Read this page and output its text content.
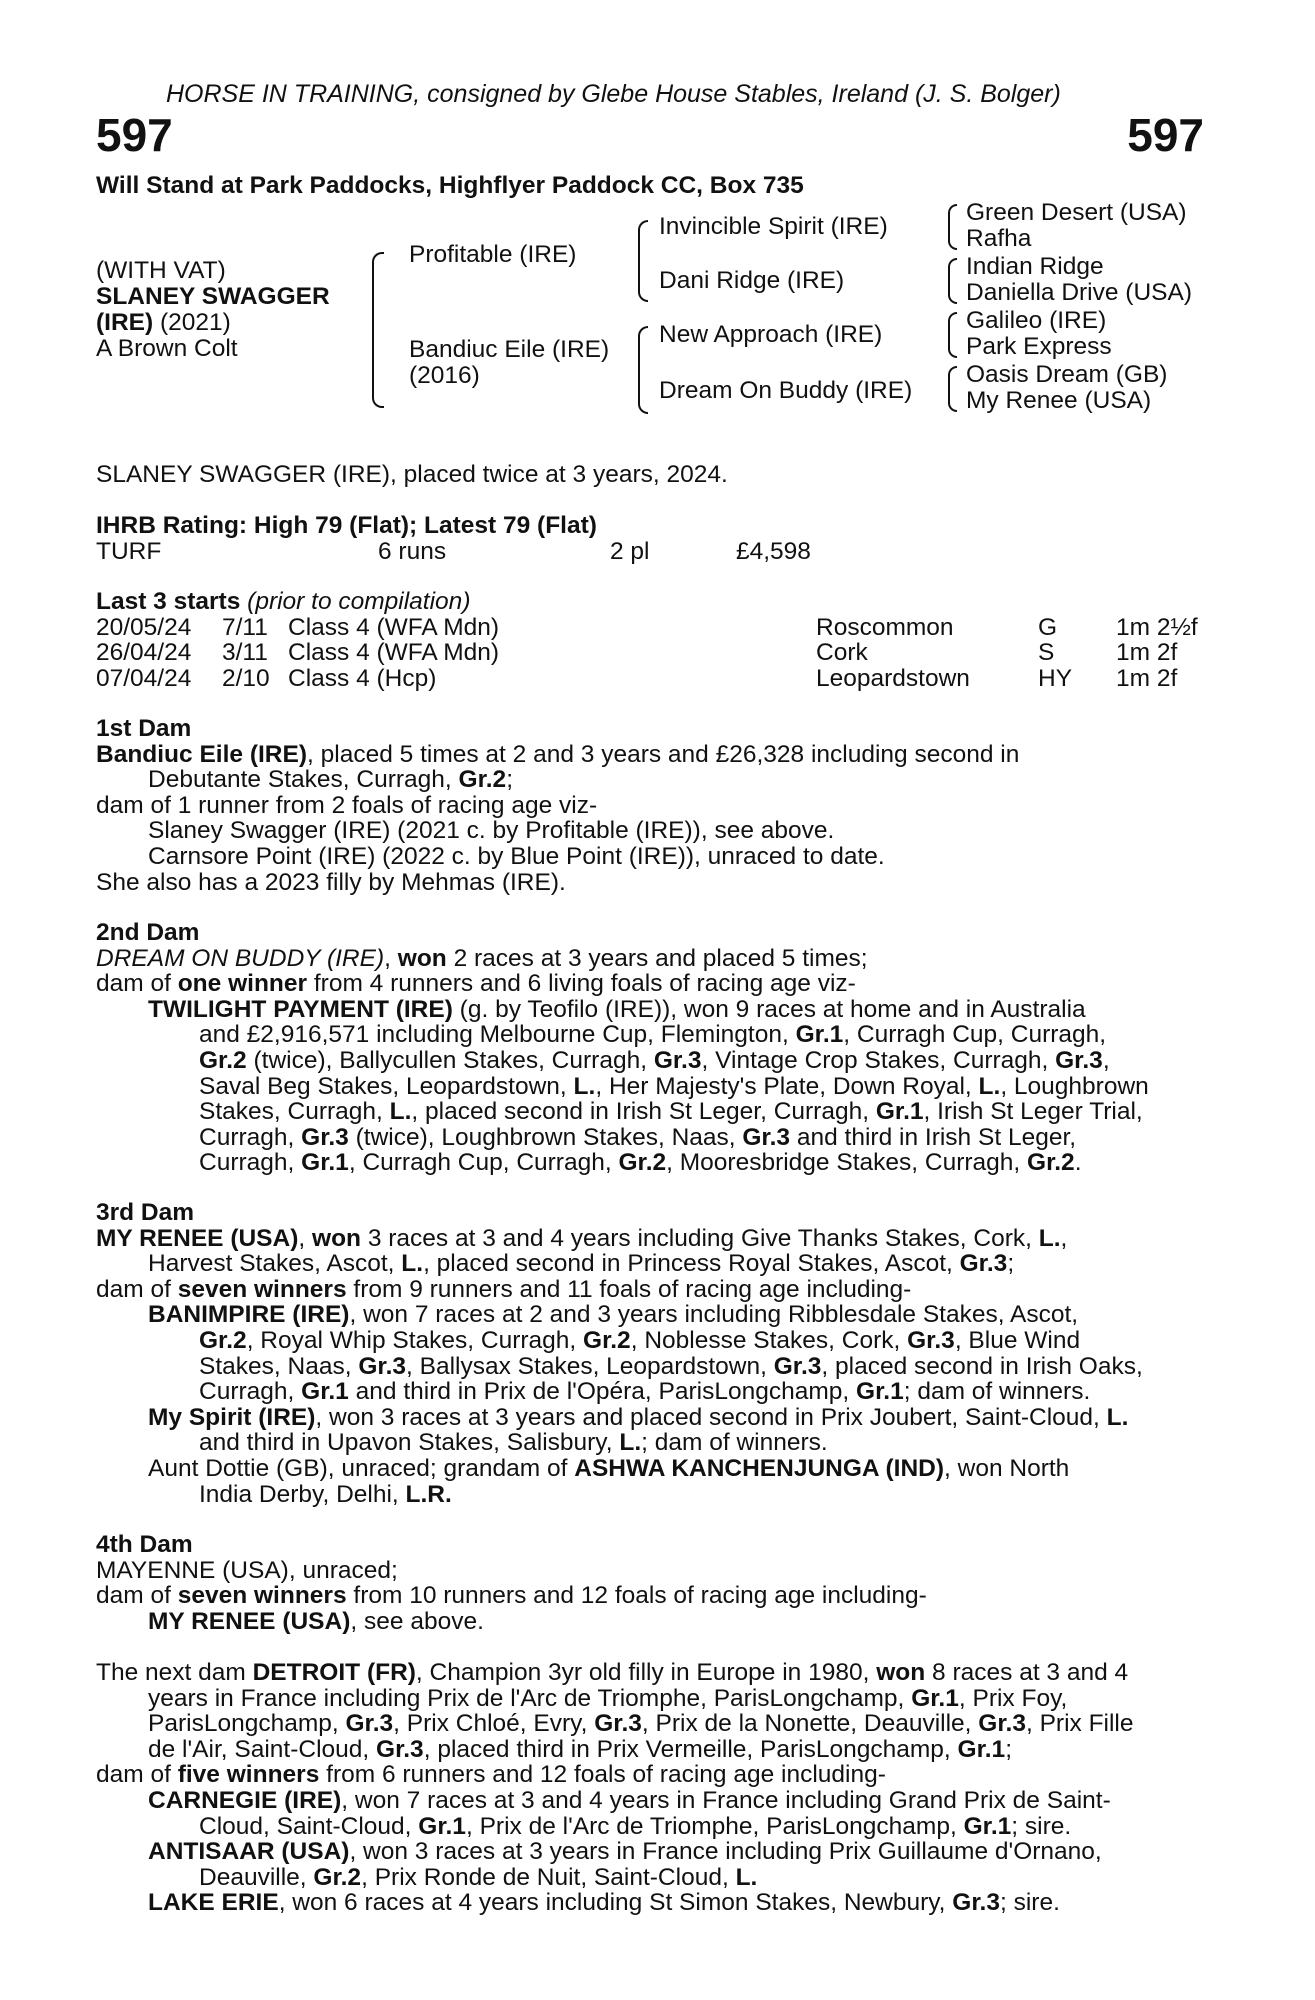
HORSE IN TRAINING, consigned by Glebe House Stables, Ireland (J. S. Bolger)
597	597
Will Stand at Park Paddocks, Highflyer Paddock CC, Box 735
(WITH VAT)
SLANEY SWAGGER
(IRE) (2021)
A Brown Colt
Profitable (IRE)
Bandiuc Eile (IRE)
(2016)
Invincible Spirit (IRE)
Dani Ridge (IRE)
New Approach (IRE)
Dream On Buddy (IRE)
Green Desert (USA)
Rafha
Indian Ridge
Daniella Drive (USA)
Galileo (IRE)
Park Express
Oasis Dream (GB)
My Renee (USA)
SLANEY SWAGGER (IRE), placed twice at 3 years, 2024.
IHRB Rating: High 79 (Flat); Latest 79 (Flat)
TURF	6 runs	2 pl	£4,598
Last 3 starts (prior to compilation)
20/05/24 7/11 Class 4 (WFA Mdn)	Roscommon	G 1m 2½f
26/04/24 3/11 Class 4 (WFA Mdn)	Cork	S	1m 2f
07/04/24 2/10 Class 4 (Hcp)	Leopardstown	HY 1m 2f
1st Dam
Bandiuc Eile (IRE), placed 5 times at 2 and 3 years and £26,328 including second in
Debutante Stakes, Curragh, Gr.2;
dam of 1 runner from 2 foals of racing age viz-
Slaney Swagger (IRE) (2021 c. by Profitable (IRE)), see above.
Carnsore Point (IRE) (2022 c. by Blue Point (IRE)), unraced to date.
She also has a 2023 filly by Mehmas (IRE).
2nd Dam
DREAM ON BUDDY (IRE), won 2 races at 3 years and placed 5 times;
dam of one winner from 4 runners and 6 living foals of racing age viz-
TWILIGHT PAYMENT (IRE) (g. by Teofilo (IRE)), won 9 races at home and in Australia
and £2,916,571 including Melbourne Cup, Flemington, Gr.1, Curragh Cup, Curragh,
Gr.2 (twice), Ballycullen Stakes, Curragh, Gr.3, Vintage Crop Stakes, Curragh, Gr.3,
Saval Beg Stakes, Leopardstown, L., Her Majesty's Plate, Down Royal, L., Loughbrown
Stakes, Curragh, L., placed second in Irish St Leger, Curragh, Gr.1, Irish St Leger Trial,
Curragh, Gr.3 (twice), Loughbrown Stakes, Naas, Gr.3 and third in Irish St Leger,
Curragh, Gr.1, Curragh Cup, Curragh, Gr.2, Mooresbridge Stakes, Curragh, Gr.2.
3rd Dam
MY RENEE (USA), won 3 races at 3 and 4 years including Give Thanks Stakes, Cork, L.,
Harvest Stakes, Ascot, L., placed second in Princess Royal Stakes, Ascot, Gr.3;
dam of seven winners from 9 runners and 11 foals of racing age including-
BANIMPIRE (IRE), won 7 races at 2 and 3 years including Ribblesdale Stakes, Ascot,
Gr.2, Royal Whip Stakes, Curragh, Gr.2, Noblesse Stakes, Cork, Gr.3, Blue Wind
Stakes, Naas, Gr.3, Ballysax Stakes, Leopardstown, Gr.3, placed second in Irish Oaks,
Curragh, Gr.1 and third in Prix de l'Opéra, ParisLongchamp, Gr.1; dam of winners.
My Spirit (IRE), won 3 races at 3 years and placed second in Prix Joubert, Saint-Cloud, L.
and third in Upavon Stakes, Salisbury, L.; dam of winners.
Aunt Dottie (GB), unraced; grandam of ASHWA KANCHENJUNGA (IND), won North
India Derby, Delhi, L.R.
4th Dam
MAYENNE (USA), unraced;
dam of seven winners from 10 runners and 12 foals of racing age including-
MY RENEE (USA), see above.
The next dam DETROIT (FR), Champion 3yr old filly in Europe in 1980, won 8 races at 3 and 4
years in France including Prix de l'Arc de Triomphe, ParisLongchamp, Gr.1, Prix Foy,
ParisLongchamp, Gr.3, Prix Chloé, Evry, Gr.3, Prix de la Nonette, Deauville, Gr.3, Prix Fille
de l'Air, Saint-Cloud, Gr.3, placed third in Prix Vermeille, ParisLongchamp, Gr.1;
dam of five winners from 6 runners and 12 foals of racing age including-
CARNEGIE (IRE), won 7 races at 3 and 4 years in France including Grand Prix de Saint-
Cloud, Saint-Cloud, Gr.1, Prix de l'Arc de Triomphe, ParisLongchamp, Gr.1; sire.
ANTISAAR (USA), won 3 races at 3 years in France including Prix Guillaume d'Ornano,
Deauville, Gr.2, Prix Ronde de Nuit, Saint-Cloud, L.
LAKE ERIE, won 6 races at 4 years including St Simon Stakes, Newbury, Gr.3; sire.
